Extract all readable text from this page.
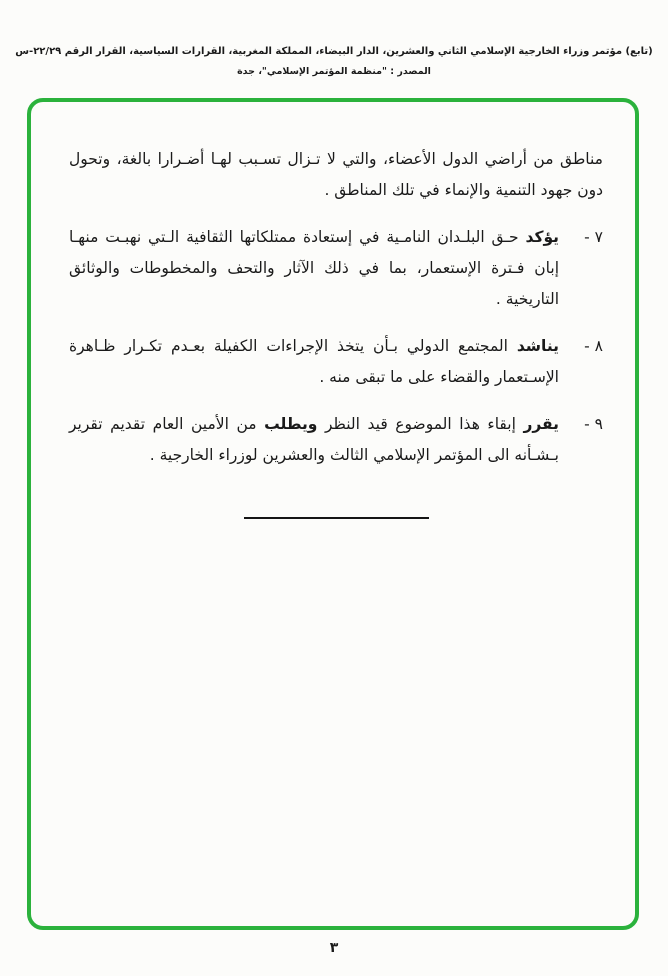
(تابع) مؤتمر وزراء الخارجية الإسلامي الثاني والعشرين، الدار البيضاء، المملكة المغربية، القرارات السياسية، القرار الرقم ٢٢/٢٩-س
المصدر : "منظمة المؤتمر الإسلامي"، جدة

مناطق من أراضي الدول الأعضاء، والتي لا تـزال تسـبب لهـا أضـرارا بالغة، وتحول دون جهود التنمية والإنماء في تلك المناطق .

٧ -
يؤكد حـق البلـدان النامـية في إستعادة ممتلكاتها الثقافية الـتي نهبـت منهـا إبان فـترة الإستعمار، بما في ذلك الآثار والتحف والمخطوطات والوثائق التاريخية .
٨ -
يناشد المجتمع الدولي بـأن يتخذ الإجراءات الكفيلة بعـدم تكـرار ظـاهرة الإسـتعمار والقضاء على ما تبقى منه .
٩ -
يقرر إبقاء هذا الموضوع قيد النظر ويطلب من الأمين العام تقديم تقرير بـشـأنه الى المؤتمر الإسلامي الثالث والعشرين لوزراء الخارجية .
٣
